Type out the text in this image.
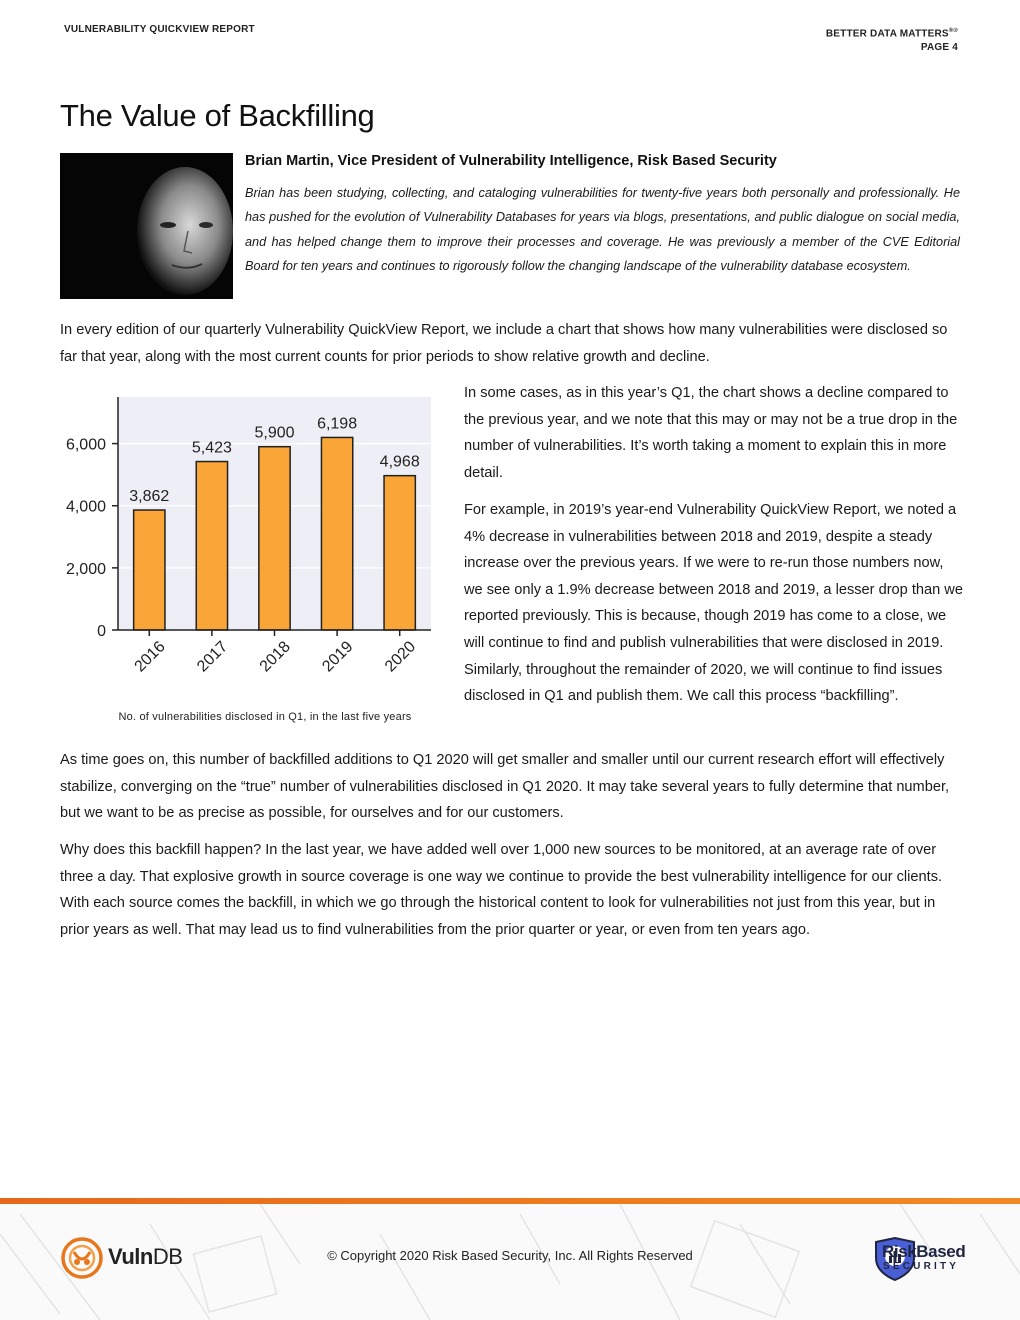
VULNERABILITY QUICKVIEW REPORT	BETTER DATA MATTERS®℗
PAGE 4
The Value of Backfilling
Brian Martin, Vice President of Vulnerability Intelligence, Risk Based Security
Brian has been studying, collecting, and cataloging vulnerabilities for twenty-five years both personally and professionally. He has pushed for the evolution of Vulnerability Databases for years via blogs, presentations, and public dialogue on social media, and has helped change them to improve their processes and coverage. He was previously a member of the CVE Editorial Board for ten years and continues to rigorously follow the changing landscape of the vulnerability database ecosystem.

In every edition of our quarterly Vulnerability QuickView Report, we include a chart that shows how many vulnerabilities were disclosed so far that year, along with the most current counts for prior periods to show relative growth and decline.

3,862
2016
5,423
2017
5,900
2018
6,198
2019
4,968
2020
0
2,000
4,000
6,000
No. of vulnerabilities disclosed in Q1, in the last five years

In some cases, as in this year’s Q1, the chart shows a decline compared to the previous year, and we note that this may or may not be a true drop in the number of vulnerabilities. It’s worth taking a moment to explain this in more detail.

For example, in 2019’s year-end Vulnerability QuickView Report, we noted a 4% decrease in vulnerabilities between 2018 and 2019, despite a steady increase over the previous years. If we were to re-run those numbers now, we see only a 1.9% decrease between 2018 and 2019, a lesser drop than we reported previously. This is because, though 2019 has come to a close, we will continue to find and publish vulnerabilities that were disclosed in 2019. Similarly, throughout the remainder of 2020, we will continue to find issues disclosed in Q1 and publish them. We call this process “backfilling”.

As time goes on, this number of backfilled additions to Q1 2020 will get smaller and smaller until our current research effort will effectively stabilize, converging on the “true” number of vulnerabilities disclosed in Q1 2020. It may take several years to fully determine that number, but we want to be as precise as possible, for ourselves and for our customers.

Why does this backfill happen? In the last year, we have added well over 1,000 new sources to be monitored, at an average rate of over three a day. That explosive growth in source coverage is one way we continue to provide the best vulnerability intelligence for our clients. With each source comes the backfill, in which we go through the historical content to look for vulnerabilities not just from this year, but in prior years as well. That may lead us to find vulnerabilities from the prior quarter or year, or even from ten years ago.

VulnDB	© Copyright 2020 Risk Based Security, Inc. All Rights Reserved	RiskBased
SECURITY
